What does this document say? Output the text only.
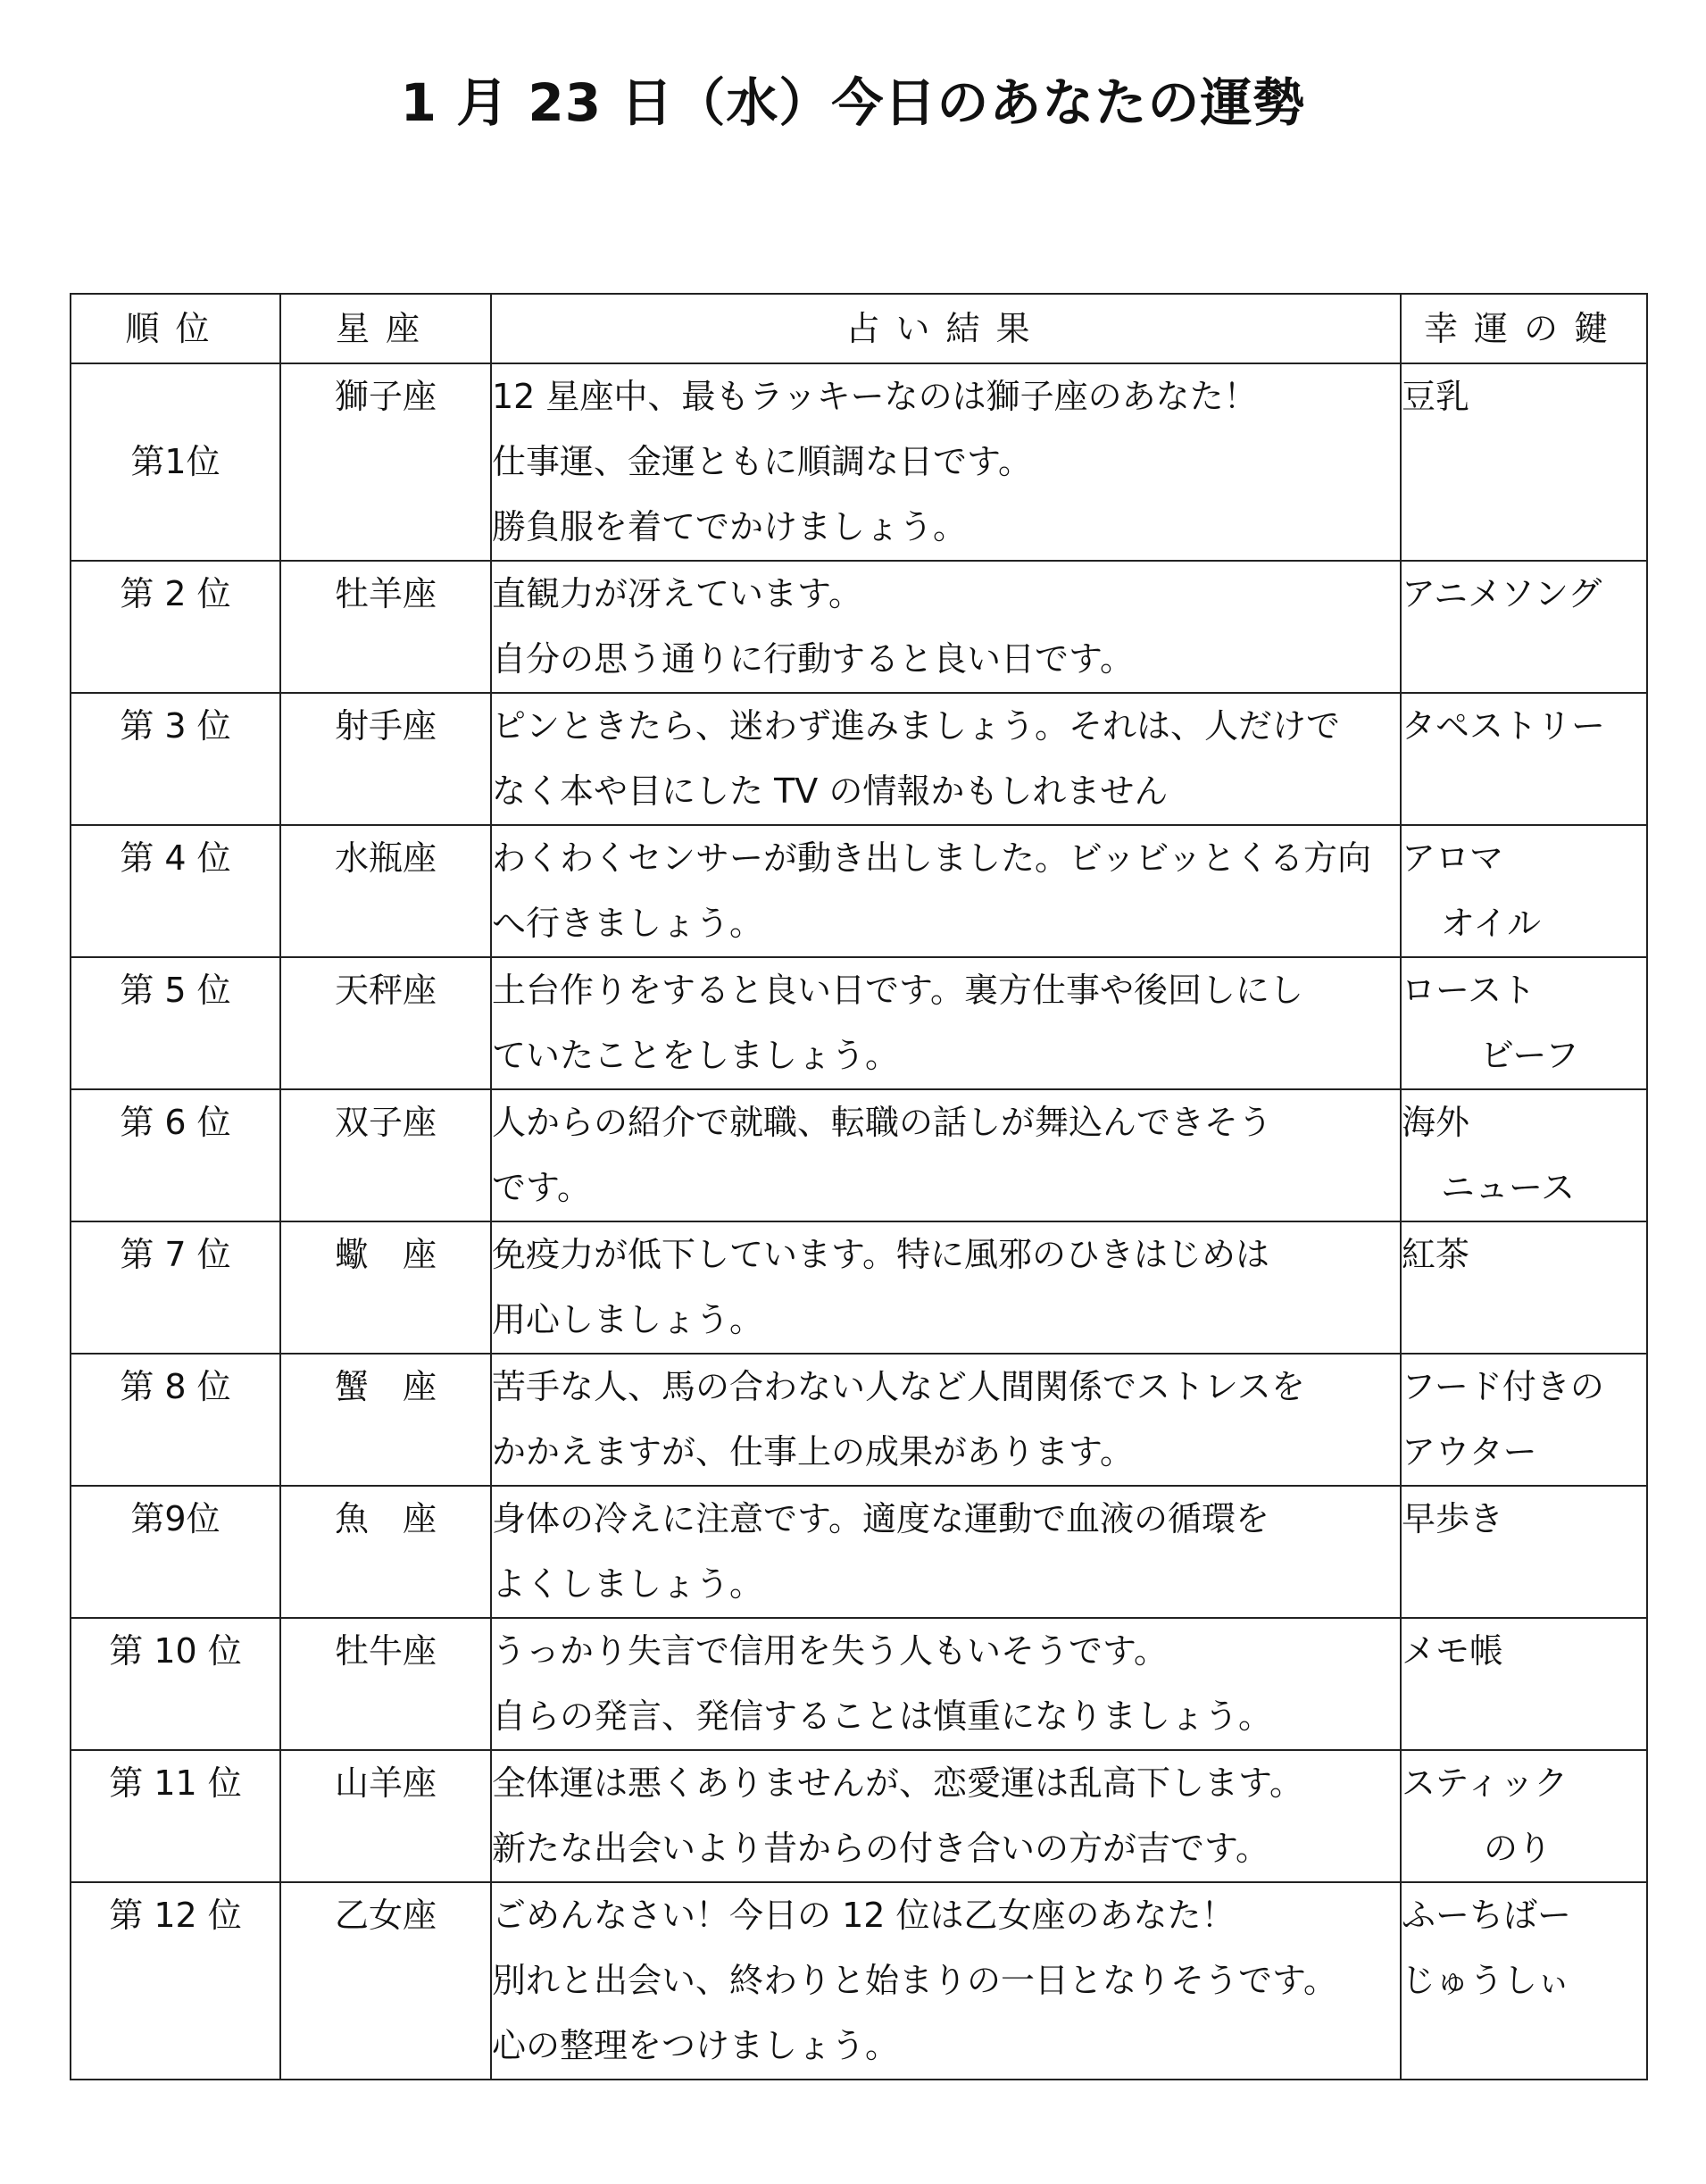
1 月 23 日（水）今日のあなたの運勢
順位	星座	占い結果	幸運の鍵
第1位	獅子座	12 星座中、最もラッキーなのは獅子座のあなた！
仕事運、金運ともに順調な日です。
勝負服を着てでかけましょう。	豆乳

第 2 位	牡羊座	直観力が冴えています。
自分の思う通りに行動すると良い日です。	アニメソング

第 3 位	射手座	ピンときたら、迷わず進みましょう。それは、人だけで
なく本や目にした TV の情報かもしれません	タペストリー

第 4 位	水瓶座	わくわくセンサーが動き出しました。ビッビッとくる方向
へ行きましょう。	アロマ
オイル

第 5 位	天秤座	土台作りをすると良い日です。裏方仕事や後回しにし
ていたことをしましょう。	ロースト
ビーフ

第 6 位	双子座	人からの紹介で就職、転職の話しが舞込んできそう
です。	海外
ニュース

第 7 位	蠍　座	免疫力が低下しています。特に風邪のひきはじめは
用心しましょう。	紅茶

第 8 位	蟹　座	苦手な人、馬の合わない人など人間関係でストレスを
かかえますが、仕事上の成果があります。	フード付きの
アウター

第9位	魚　座	身体の冷えに注意です。適度な運動で血液の循環を
よくしましょう。	早歩き

第 10 位	牡牛座	うっかり失言で信用を失う人もいそうです。
自らの発言、発信することは慎重になりましょう。	メモ帳

第 11 位	山羊座	全体運は悪くありませんが、恋愛運は乱高下します。
新たな出会いより昔からの付き合いの方が吉です。	スティック
のり

第 12 位	乙女座	ごめんなさい！今日の 12 位は乙女座のあなた！
別れと出会い、終わりと始まりの一日となりそうです。
心の整理をつけましょう。	ふーちばー
じゅうしぃ
